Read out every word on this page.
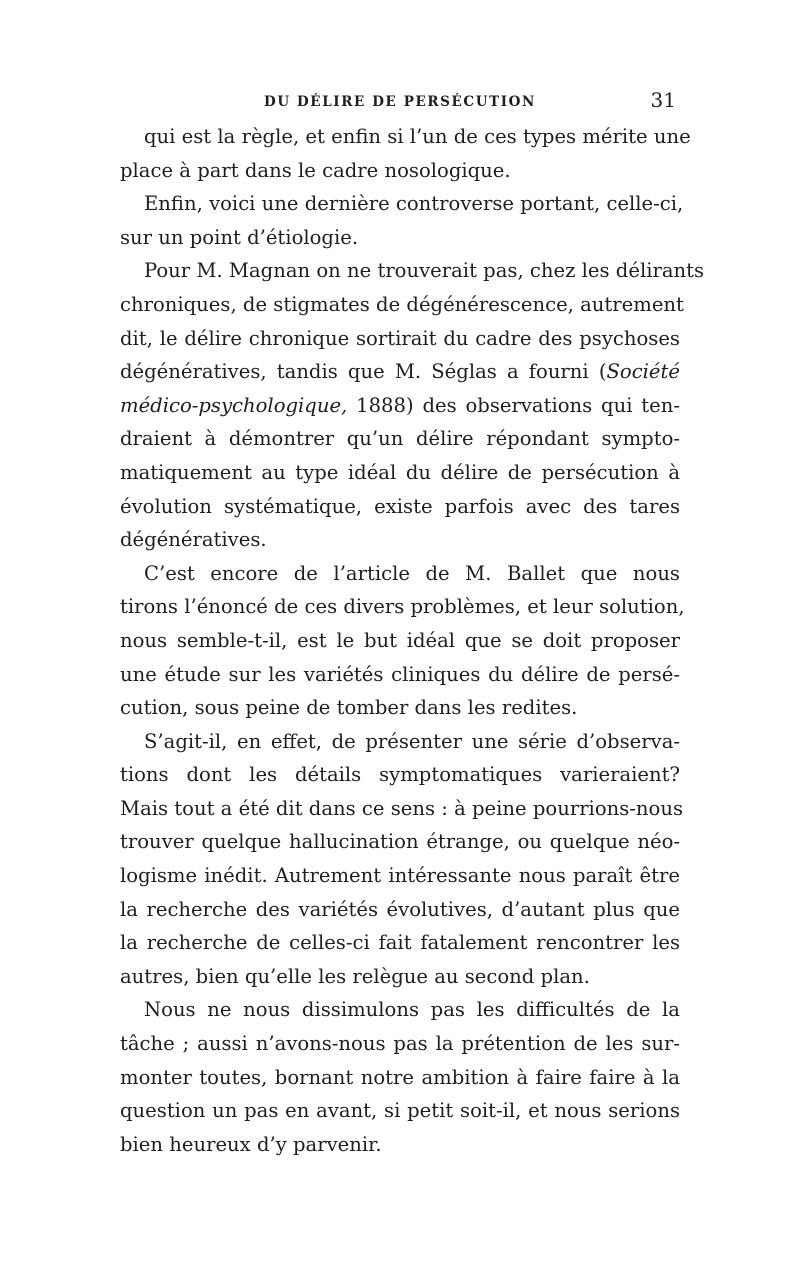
DU DÉLIRE DE PERSÉCUTION	31

qui est la règle, et enfin si l’un de ces types mérite une
place à part dans le cadre nosologique.

Enfin, voici une dernière controverse portant, celle-ci,
sur un point d’étiologie.

Pour M. Magnan on ne trouverait pas, chez les délirants
chroniques, de stigmates de dégénérescence, autrement
dit, le délire chronique sortirait du cadre des psychoses
dégénératives, tandis que M. Séglas a fourni (Société
médico-psychologique, 1888) des observations qui ten-
draient à démontrer qu’un délire répondant sympto-
matiquement au type idéal du délire de persécution à
évolution systématique, existe parfois avec des tares
dégénératives.

C’est encore de l’article de M. Ballet que nous
tirons l’énoncé de ces divers problèmes, et leur solution,
nous semble-t-il, est le but idéal que se doit proposer
une étude sur les variétés cliniques du délire de persé-
cution, sous peine de tomber dans les redites.

S’agit-il, en effet, de présenter une série d’observa-
tions dont les détails symptomatiques varieraient?
Mais tout a été dit dans ce sens : à peine pourrions-nous
trouver quelque hallucination étrange, ou quelque néo-
logisme inédit. Autrement intéressante nous paraît être
la recherche des variétés évolutives, d’autant plus que
la recherche de celles-ci fait fatalement rencontrer les
autres, bien qu’elle les relègue au second plan.

Nous ne nous dissimulons pas les difficultés de la
tâche ; aussi n’avons-nous pas la prétention de les sur-
monter toutes, bornant notre ambition à faire faire à la
question un pas en avant, si petit soit-il, et nous serions
bien heureux d’y parvenir.
